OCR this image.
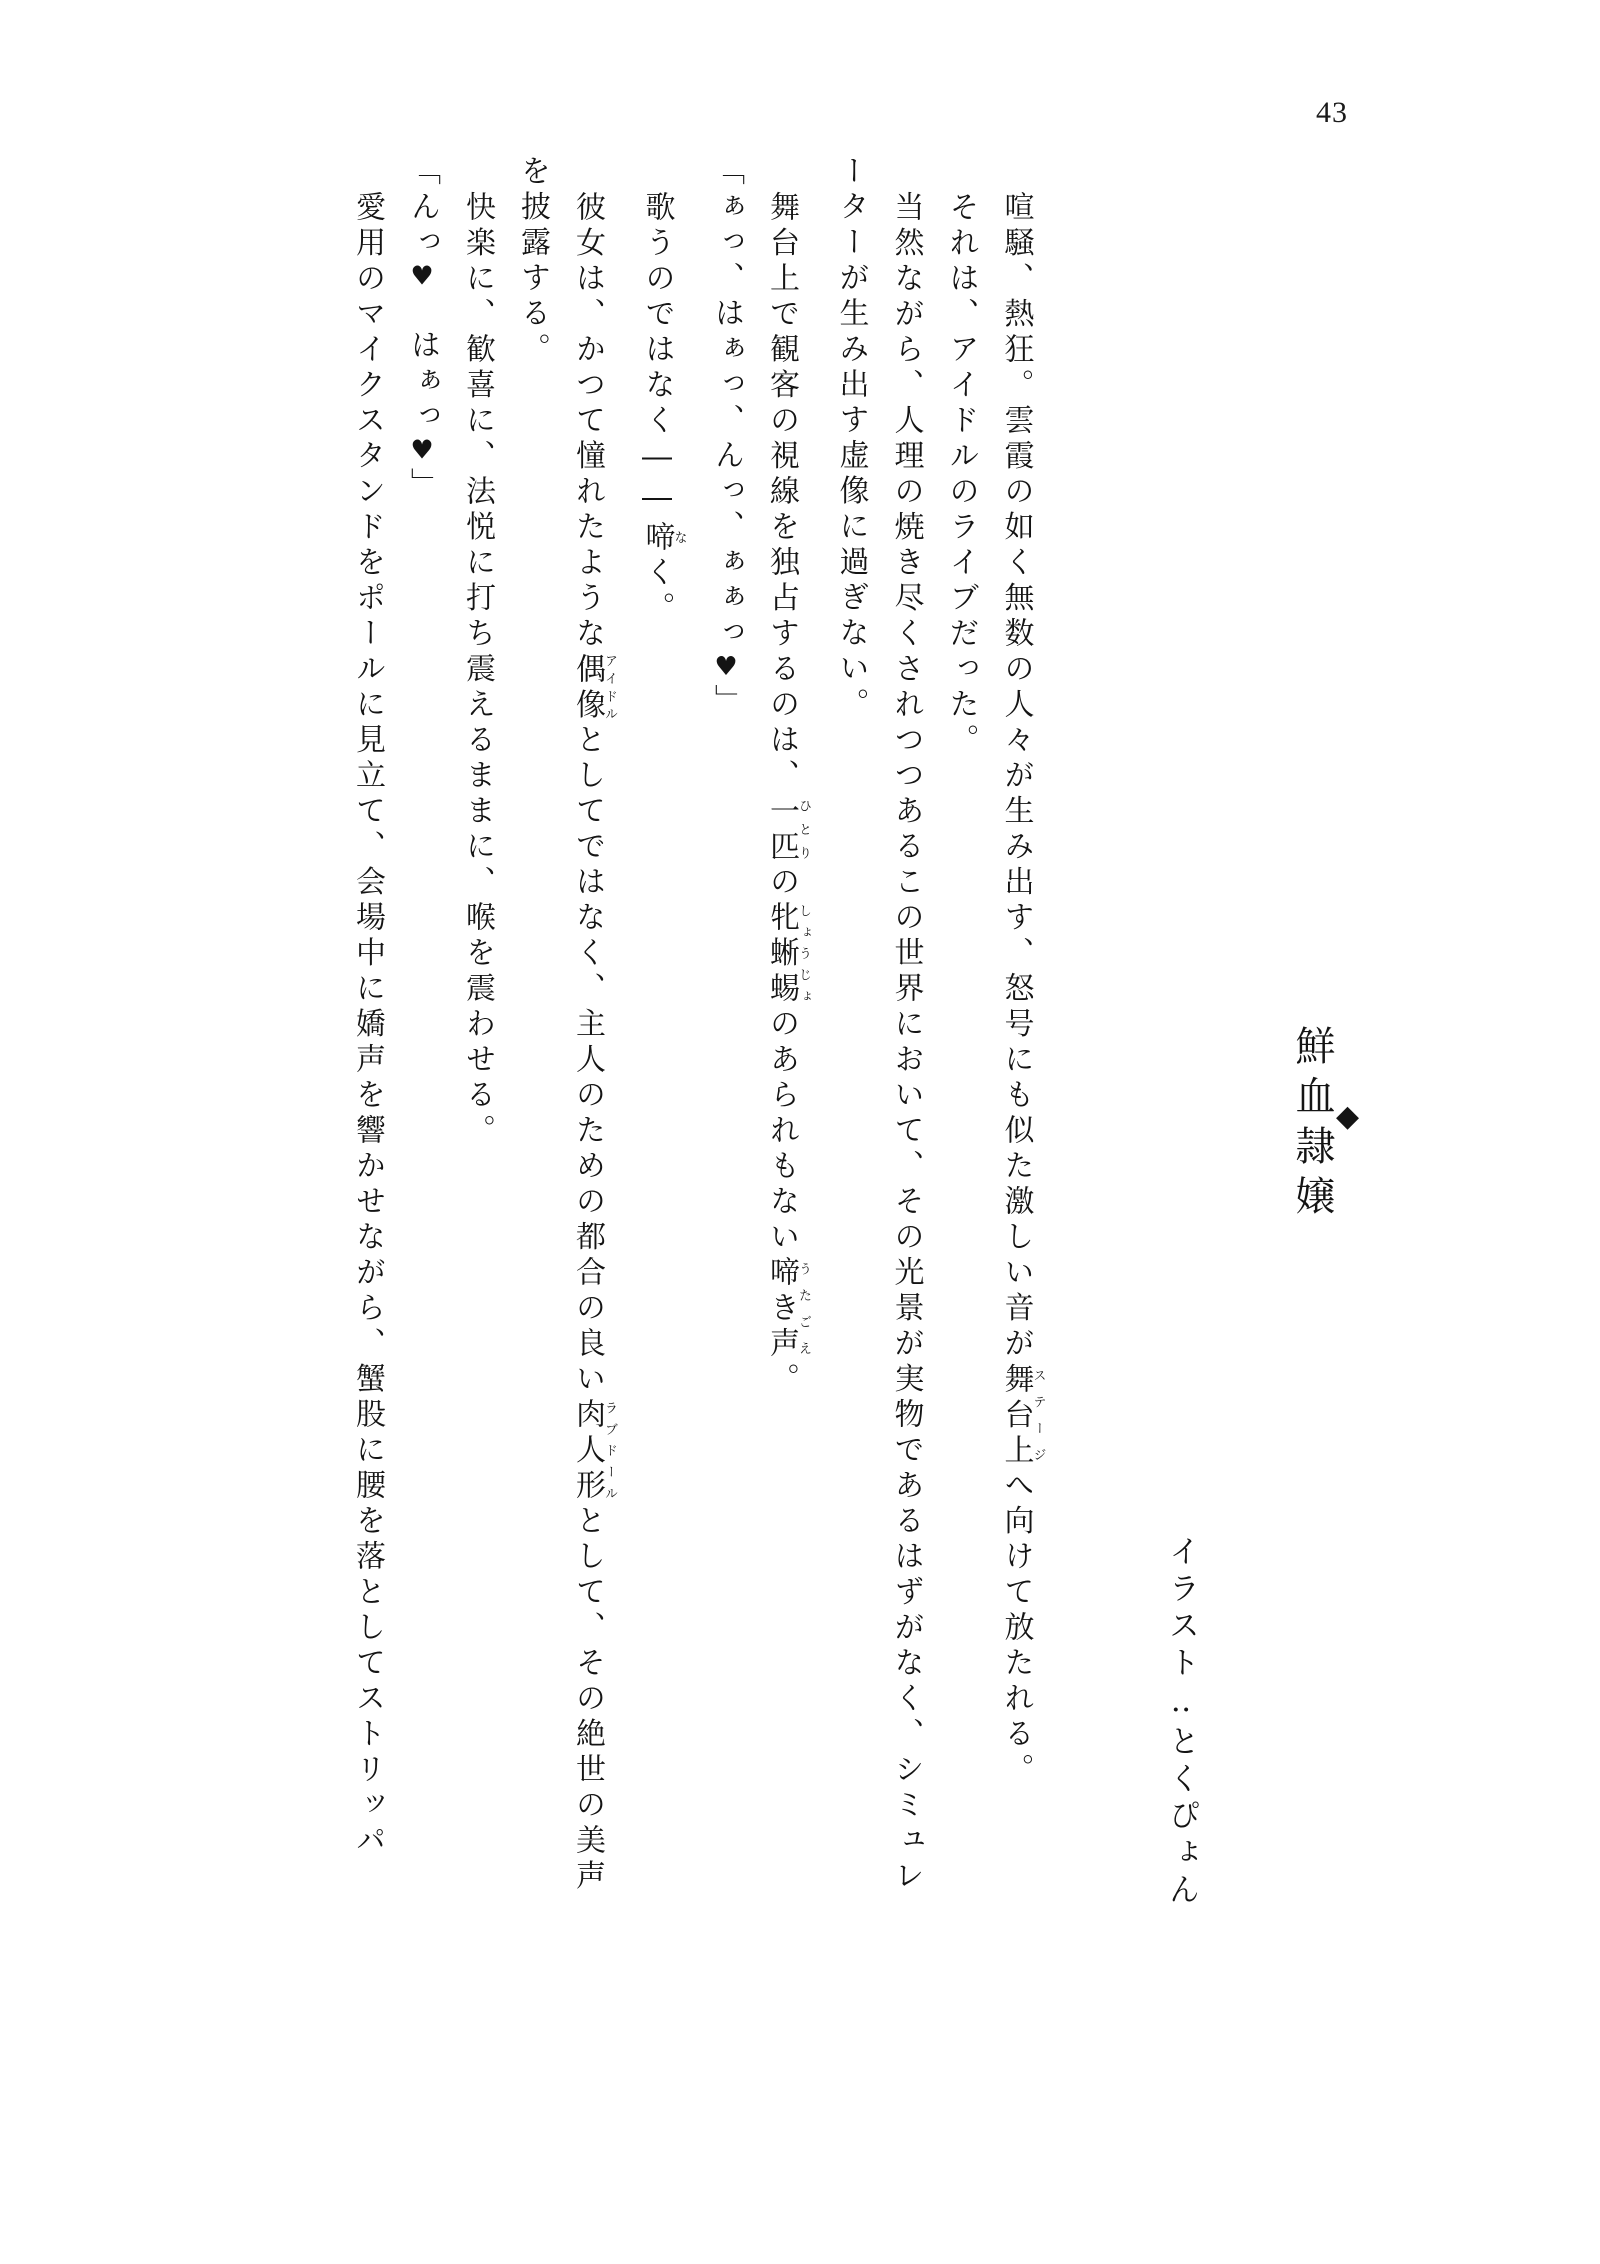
43
◆
鮮血隷嬢
イラスト‥とくぴょん
喧騒、熱狂。雲霞の如く無数の人々が生み出す、怒号にも似た激しい音が舞台上ステージへ向けて放たれる。
それは、アイドルのライブだった。
当然ながら、人理の焼き尽くされつつあるこの世界において、その光景が実物であるはずがなく、シミュレ
ーターが生み出す虚像に過ぎない。
舞台上で観客の視線を独占するのは、一匹ひとりの牝蜥蜴しょうじょのあられもない啼き声うたごえ。
「ぁっ、はぁっ、んっ、ぁぁっ♥」
歌うのではなく――啼なく。
彼女は、かつて憧れたような偶像アイドルとしてではなく、主人のための都合の良い肉人形ラブドールとして、その絶世の美声
を披露する。
快楽に、歓喜に、法悦に打ち震えるままに、喉を震わせる。
「んっ♥　はぁっ♥」
愛用のマイクスタンドをポールに見立て、会場中に嬌声を響かせながら、蟹股に腰を落としてストリッパ
